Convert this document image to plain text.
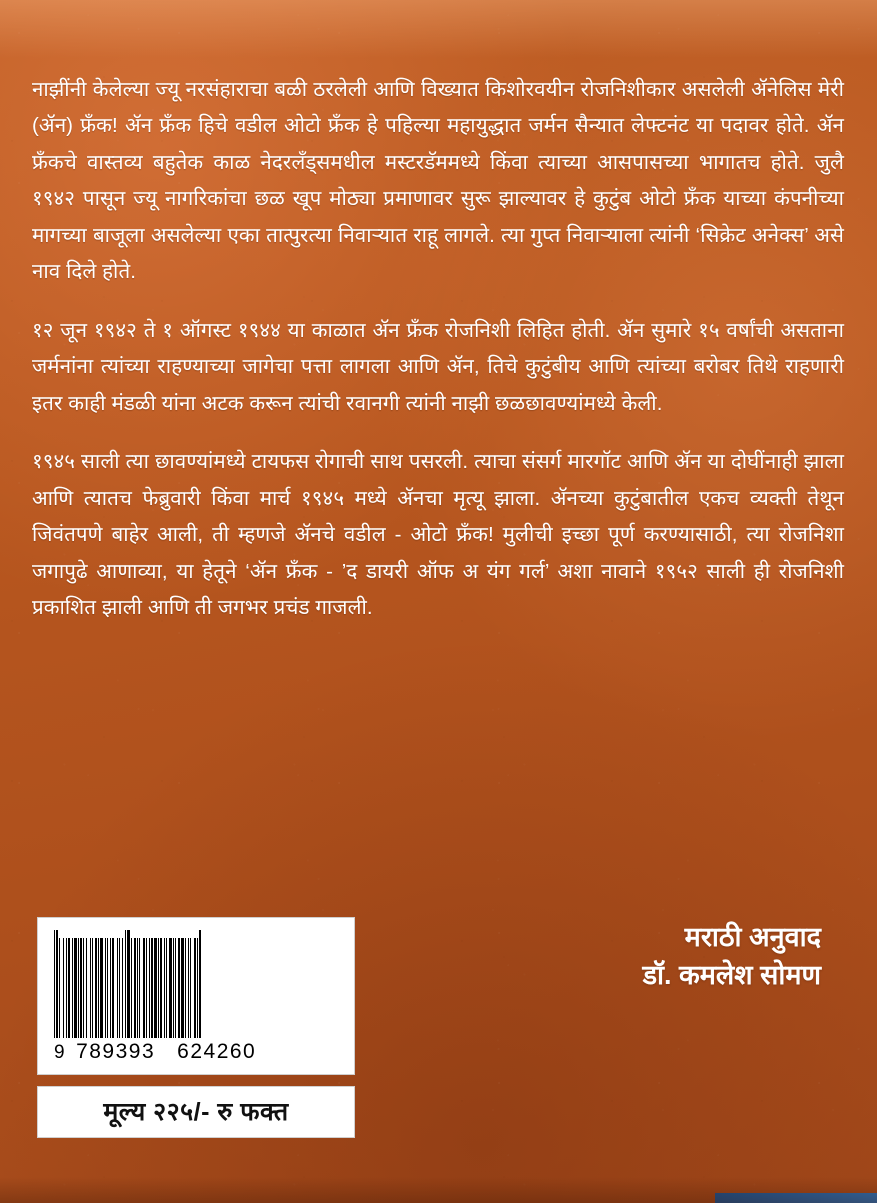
नाझींनी केलेल्या ज्यू नरसंहाराचा बळी ठरलेली आणि विख्यात किशोरवयीन रोजनिशीकार असलेली ॲनेलिस मेरी (ॲन) फ्रँक! ॲन फ्रँक हिचे वडील ओटो फ्रँक हे पहिल्या महायुद्धात जर्मन सैन्यात लेफ्टनंट या पदावर होते. ॲन फ्रँकचे वास्तव्य बहुतेक काळ नेदरलँड्समधील मस्टरडॅममध्ये किंवा त्याच्या आसपासच्या भागातच होते. जुलै १९४२ पासून ज्यू नागरिकांचा छळ खूप मोठ्या प्रमाणावर सुरू झाल्यावर हे कुटुंब ओटो फ्रँक याच्या कंपनीच्या मागच्या बाजूला असलेल्या एका तात्पुरत्या निवाऱ्यात राहू लागले. त्या गुप्त निवाऱ्याला त्यांनी ‘सिक्रेट अनेक्स’ असे नाव दिले होते.

१२ जून १९४२ ते १ ऑगस्ट १९४४ या काळात ॲन फ्रँक रोजनिशी लिहित होती. ॲन सुमारे १५ वर्षांची असताना जर्मनांना त्यांच्या राहण्याच्या जागेचा पत्ता लागला आणि ॲन, तिचे कुटुंबीय आणि त्यांच्या बरोबर तिथे राहणारी इतर काही मंडळी यांना अटक करून त्यांची रवानगी त्यांनी नाझी छळछावण्यांमध्ये केली.

१९४५ साली त्या छावण्यांमध्ये टायफस रोगाची साथ पसरली. त्याचा संसर्ग मारगॉट आणि ॲन या दोघींनाही झाला आणि त्यातच फेब्रुवारी किंवा मार्च १९४५ मध्ये ॲनचा मृत्यू झाला. ॲनच्या कुटुंबातील एकच व्यक्ती तेथून जिवंतपणे बाहेर आली, ती म्हणजे ॲनचे वडील - ओटो फ्रँक! मुलीची इच्छा पूर्ण करण्यासाठी, त्या रोजनिशा जगापुढे आणाव्या, या हेतूने ‘ॲन फ्रँक - ’द डायरी ऑफ अ यंग गर्ल’ अशा नावाने १९५२ साली ही रोजनिशी प्रकाशित झाली आणि ती जगभर प्रचंड गाजली.

मराठी अनुवाद
डॉ. कमलेश सोमण
9 789393 624260
मूल्य २२५/- रु फक्त
